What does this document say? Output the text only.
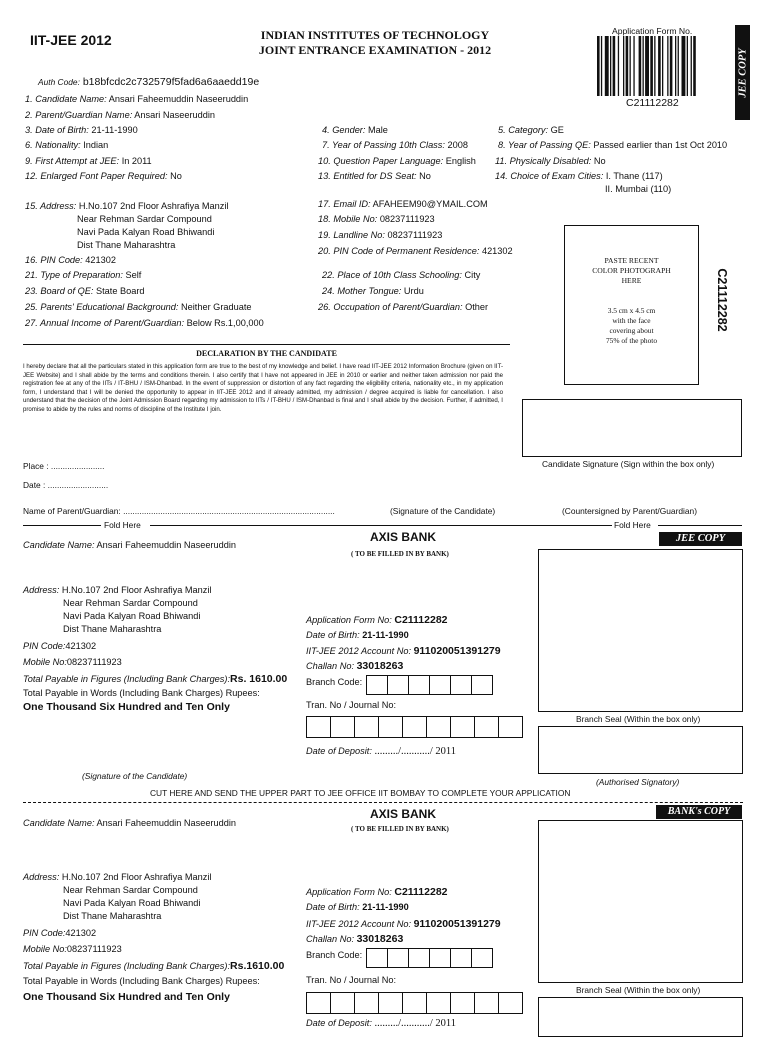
IIT-JEE 2012	INDIAN INSTITUTES OF TECHNOLOGY
JOINT ENTRANCE EXAMINATION - 2012
Application Form No.
C21112282
JEE COPY
C21112282
Auth Code: b18bfcdc2c732579f5fad6a6aaedd19e
1. Candidate Name: Ansari Faheemuddin Naseeruddin
2. Parent/Guardian Name: Ansari Naseeruddin
3. Date of Birth: 21-11-1990	4. Gender: Male	5. Category: GE
6. Nationality: Indian	7. Year of Passing 10th Class: 2008	8. Year of Passing QE: Passed earlier than 1st Oct 2010
9. First Attempt at JEE: In 2011	10. Question Paper Language: English 11. Physically Disabled: No
12. Enlarged Font Paper Required: No	13. Entitled for DS Seat: No	14. Choice of Exam Cities: I. Thane (117)
II. Mumbai (110)
15. Address: H.No.107 2nd Floor Ashrafiya Manzil
Near Rehman Sardar Compound
Navi Pada Kalyan Road Bhiwandi
Dist Thane Maharashtra
16. PIN Code: 421302
17. Email ID: AFAHEEM90@YMAIL.COM
18. Mobile No: 08237111923
19. Landline No: 08237111923
20. PIN Code of Permanent Residence: 421302
21. Type of Preparation: Self	22. Place of 10th Class Schooling: City
23. Board of QE: State Board	24. Mother Tongue: Urdu
25. Parents' Educational Background: Neither Graduate	26. Occupation of Parent/Guardian: Other
27. Annual Income of Parent/Guardian: Below Rs.1,00,000
PASTE RECENT
COLOR PHOTOGRAPH
HERE
3.5 cm x 4.5 cm
with the face
covering about
75% of the photo
DECLARATION BY THE CANDIDATE
I hereby declare that all the particulars stated in this application form are true to the best of my knowledge and belief. I have read IIT-JEE 2012 Information Brochure (given on IIT-JEE Website) and I shall abide by the terms and conditions therein. I also certify that I have not appeared in JEE in 2010 or earlier and neither taken admission nor paid the registration fee at any of the IITs / IT-BHU / ISM-Dhanbad. In the event of suppression or distortion of any fact regarding the eligibility criteria, nationality etc., in my application form, I understand that I will be denied the opportunity to appear in IIT-JEE 2012 and if already admitted, my admission / degree acquired is liable for cancellation. I also understand that the decision of the Joint Admission Board regarding my admission to IITs / IT-BHU / ISM-Dhanbad is final and I shall abide by the decision. Further, if admitted, I promise to abide by the rules and norms of discipline of the Institute I join.
Candidate Signature (Sign within the box only)
Place : .......................
Date : ..........................
Name of Parent/Guardian: ...........................................................................................	(Signature of the Candidate)	(Countersigned by Parent/Guardian)
Fold Here	Fold Here
Candidate Name: Ansari Faheemuddin Naseeruddin
AXIS BANK
( TO BE FILLED IN BY BANK)
JEE COPY
Address: H.No.107 2nd Floor Ashrafiya Manzil
Near Rehman Sardar Compound
Navi Pada Kalyan Road Bhiwandi
Dist Thane Maharashtra
PIN Code:421302
Mobile No:08237111923
Total Payable in Figures (Including Bank Charges):Rs. 1610.00
Total Payable in Words (Including Bank Charges) Rupees:
One Thousand Six Hundred and Ten Only
Application Form No: C21112282
Date of Birth: 21-11-1990
IIT-JEE 2012 Account No: 911020051391279
Challan No: 33018263
Branch Code:
Tran. No / Journal No:
Date of Deposit: ........./.........../ 2011
Branch Seal (Within the box only)
(Authorised Signatory)
(Signature of the Candidate)
CUT HERE AND SEND THE UPPER PART TO JEE OFFICE IIT BOMBAY TO COMPLETE YOUR APPLICATION
Candidate Name: Ansari Faheemuddin Naseeruddin
AXIS BANK
( TO BE FILLED IN BY BANK)
BANK's COPY
Address: H.No.107 2nd Floor Ashrafiya Manzil
Near Rehman Sardar Compound
Navi Pada Kalyan Road Bhiwandi
Dist Thane Maharashtra
PIN Code:421302
Mobile No:08237111923
Total Payable in Figures (Including Bank Charges):Rs.1610.00
Total Payable in Words (Including Bank Charges) Rupees:
One Thousand Six Hundred and Ten Only
Application Form No: C21112282
Date of Birth: 21-11-1990
IIT-JEE 2012 Account No: 911020051391279
Challan No: 33018263
Branch Code:
Tran. No / Journal No:
Date of Deposit: ........./.........../ 2011
Branch Seal (Within the box only)
